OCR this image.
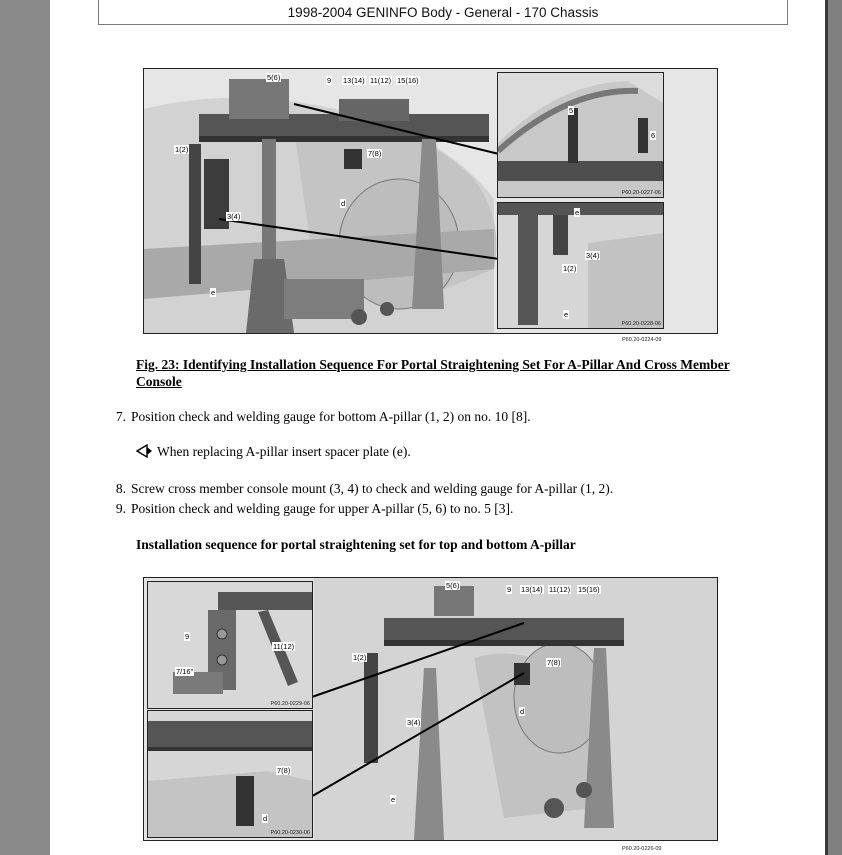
1998-2004 GENINFO Body - General - 170 Chassis
5(6)	9 13(14) 11(12) 15(16)
1(2)	7(8)
d
3(4)
e
5
6
P60.20-0227-06
e
3(4)
1(2)
e
P60.20-0228-06
P60.20-0224-09
Fig. 23: Identifying Installation Sequence For Portal Straightening Set For A-Pillar And Cross Member Console
7. Position check and welding gauge for bottom A-pillar (1, 2) on no. 10 [8].
When replacing A-pillar insert spacer plate (e).
8. Screw cross member console mount (3, 4) to check and welding gauge for A-pillar (1, 2).
9. Position check and welding gauge for upper A-pillar (5, 6) to no. 5 [3].
Installation sequence for portal straightening set for top and bottom A-pillar
5(6)	9 13(14) 11(12) 15(16)
1(2)
7(8)
3(4)
d
e
9
11(12)
7/16"
P60.20-0229-06
7(8)
d
P60.20-0230-06
P60.20-0226-09
